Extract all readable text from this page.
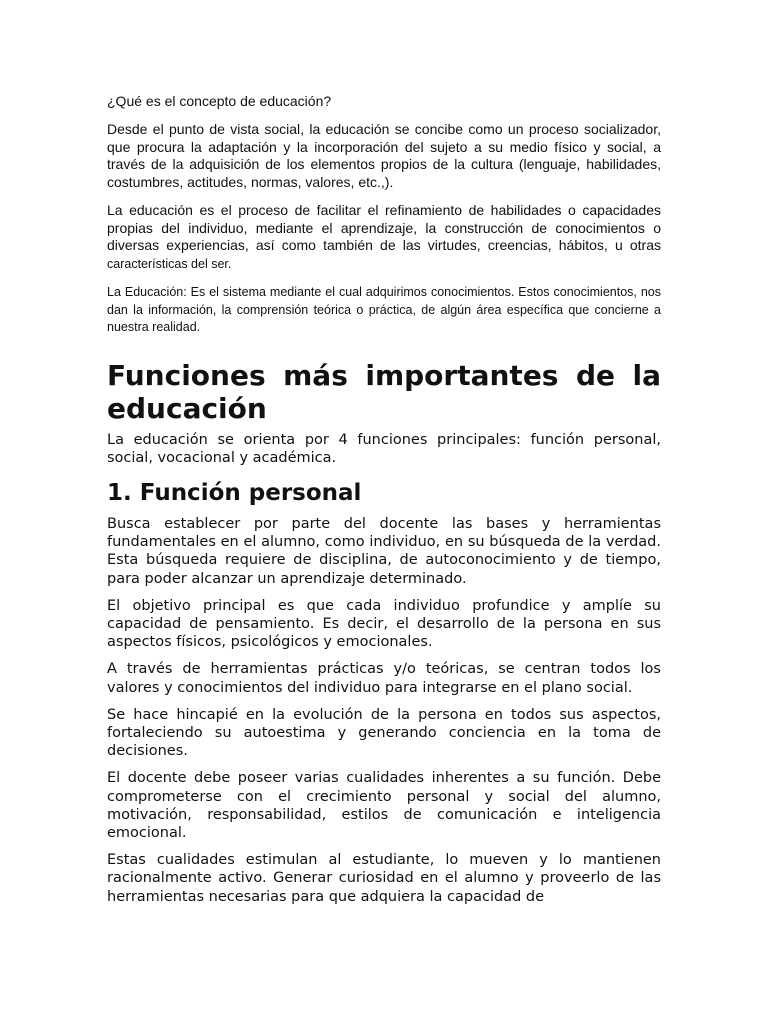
¿Qué es el concepto de educación?

Desde el punto de vista social, la educación se concibe como un proceso socializador, que procura la adaptación y la incorporación del sujeto a su medio físico y social, a través de la adquisición de los elementos propios de la cultura (lenguaje, habilidades, costumbres, actitudes, normas, valores, etc.,).

La educación es el proceso de facilitar el refinamiento de habilidades o capacidades propias del individuo, mediante el aprendizaje, la construcción de conocimientos o diversas experiencias, así como también de las virtudes, creencias, hábitos, u otras características del ser.

La Educación: Es el sistema mediante el cual adquirimos conocimientos. Estos conocimientos, nos dan la información, la comprensión teórica o práctica, de algún área específica que concierne a nuestra realidad.

Funciones más importantes de la educación

La educación se orienta por 4 funciones principales: función personal, social, vocacional y académica.

1. Función personal

Busca establecer por parte del docente las bases y herramientas fundamentales en el alumno, como individuo, en su búsqueda de la verdad. Esta búsqueda requiere de disciplina, de autoconocimiento y de tiempo, para poder alcanzar un aprendizaje determinado.

El objetivo principal es que cada individuo profundice y amplíe su capacidad de pensamiento. Es decir, el desarrollo de la persona en sus aspectos físicos, psicológicos y emocionales.

A través de herramientas prácticas y/o teóricas, se centran todos los valores y conocimientos del individuo para integrarse en el plano social.

Se hace hincapié en la evolución de la persona en todos sus aspectos, fortaleciendo su autoestima y generando conciencia en la toma de decisiones.

El docente debe poseer varias cualidades inherentes a su función. Debe comprometerse con el crecimiento personal y social del alumno, motivación, responsabilidad, estilos de comunicación e inteligencia emocional.

Estas cualidades estimulan al estudiante, lo mueven y lo mantienen racionalmente activo. Generar curiosidad en el alumno y proveerlo de las herramientas necesarias para que adquiera la capacidad de
